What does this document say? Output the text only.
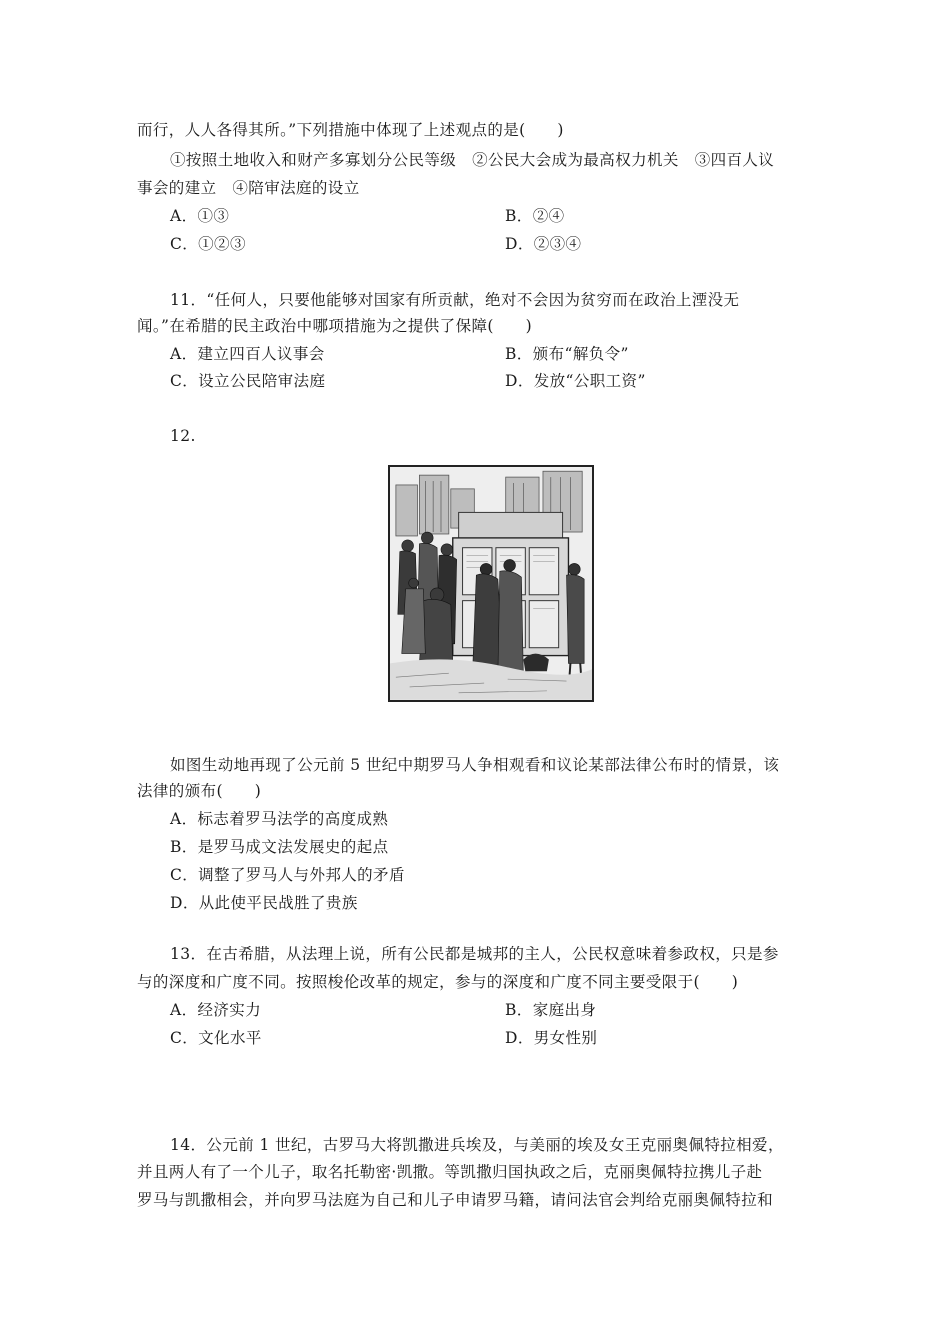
而行，人人各得其所。”下列措施中体现了上述观点的是(　　)
①按照土地收入和财产多寡划分公民等级　②公民大会成为最高权力机关　③四百人议
事会的建立　④陪审法庭的设立
A．①③	B．②④
C．①②③	D．②③④
11．“任何人，只要他能够对国家有所贡献，绝对不会因为贫穷而在政治上湮没无
闻。”在希腊的民主政治中哪项措施为之提供了保障(　　)
A．建立四百人议事会	B．颁布“解负令”
C．设立公民陪审法庭	D．发放“公职工资”
12.
如图生动地再现了公元前 5 世纪中期罗马人争相观看和议论某部法律公布时的情景，该
法律的颁布(　　)
A．标志着罗马法学的高度成熟
B．是罗马成文法发展史的起点
C．调整了罗马人与外邦人的矛盾
D．从此使平民战胜了贵族
13．在古希腊，从法理上说，所有公民都是城邦的主人，公民权意味着参政权，只是参
与的深度和广度不同。按照梭伦改革的规定，参与的深度和广度不同主要受限于(　　)
A．经济实力	B．家庭出身
C．文化水平	D．男女性别
14．公元前 1 世纪，古罗马大将凯撒进兵埃及，与美丽的埃及女王克丽奥佩特拉相爱，
并且两人有了一个儿子，取名托勒密·凯撒。等凯撒归国执政之后，克丽奥佩特拉携儿子赴
罗马与凯撒相会，并向罗马法庭为自己和儿子申请罗马籍，请问法官会判给克丽奥佩特拉和
